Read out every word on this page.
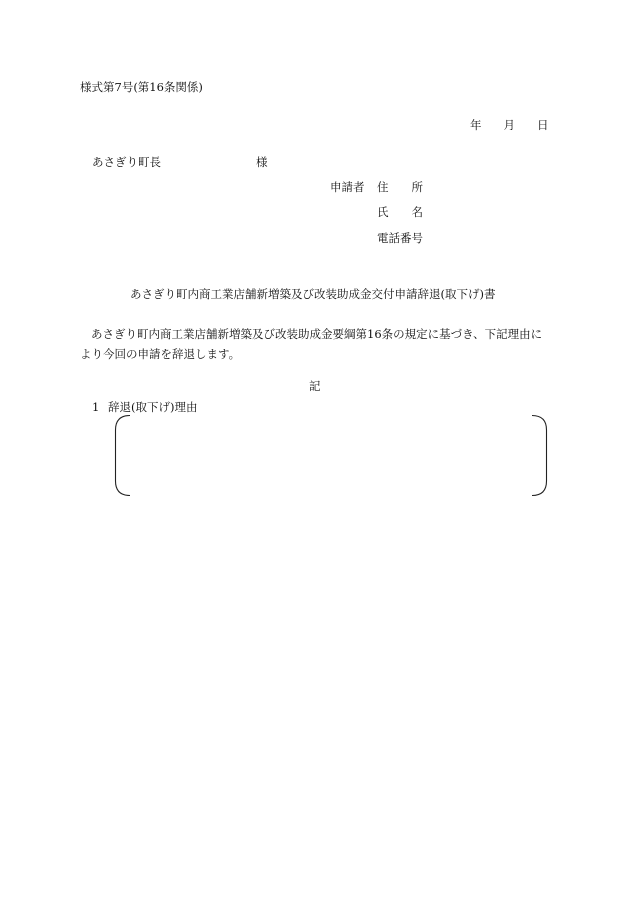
様式第7号(第16条関係)
年 月 日
あさぎり町長	様
申請者 住 所
氏 名
電話番号
あさぎり町内商工業店舗新増築及び改装助成金交付申請辞退(取下げ)書
あさぎり町内商工業店舗新増築及び改装助成金要綱第16条の規定に基づき、下記理由により今回の申請を辞退します。
記
1 辞退(取下げ)理由
